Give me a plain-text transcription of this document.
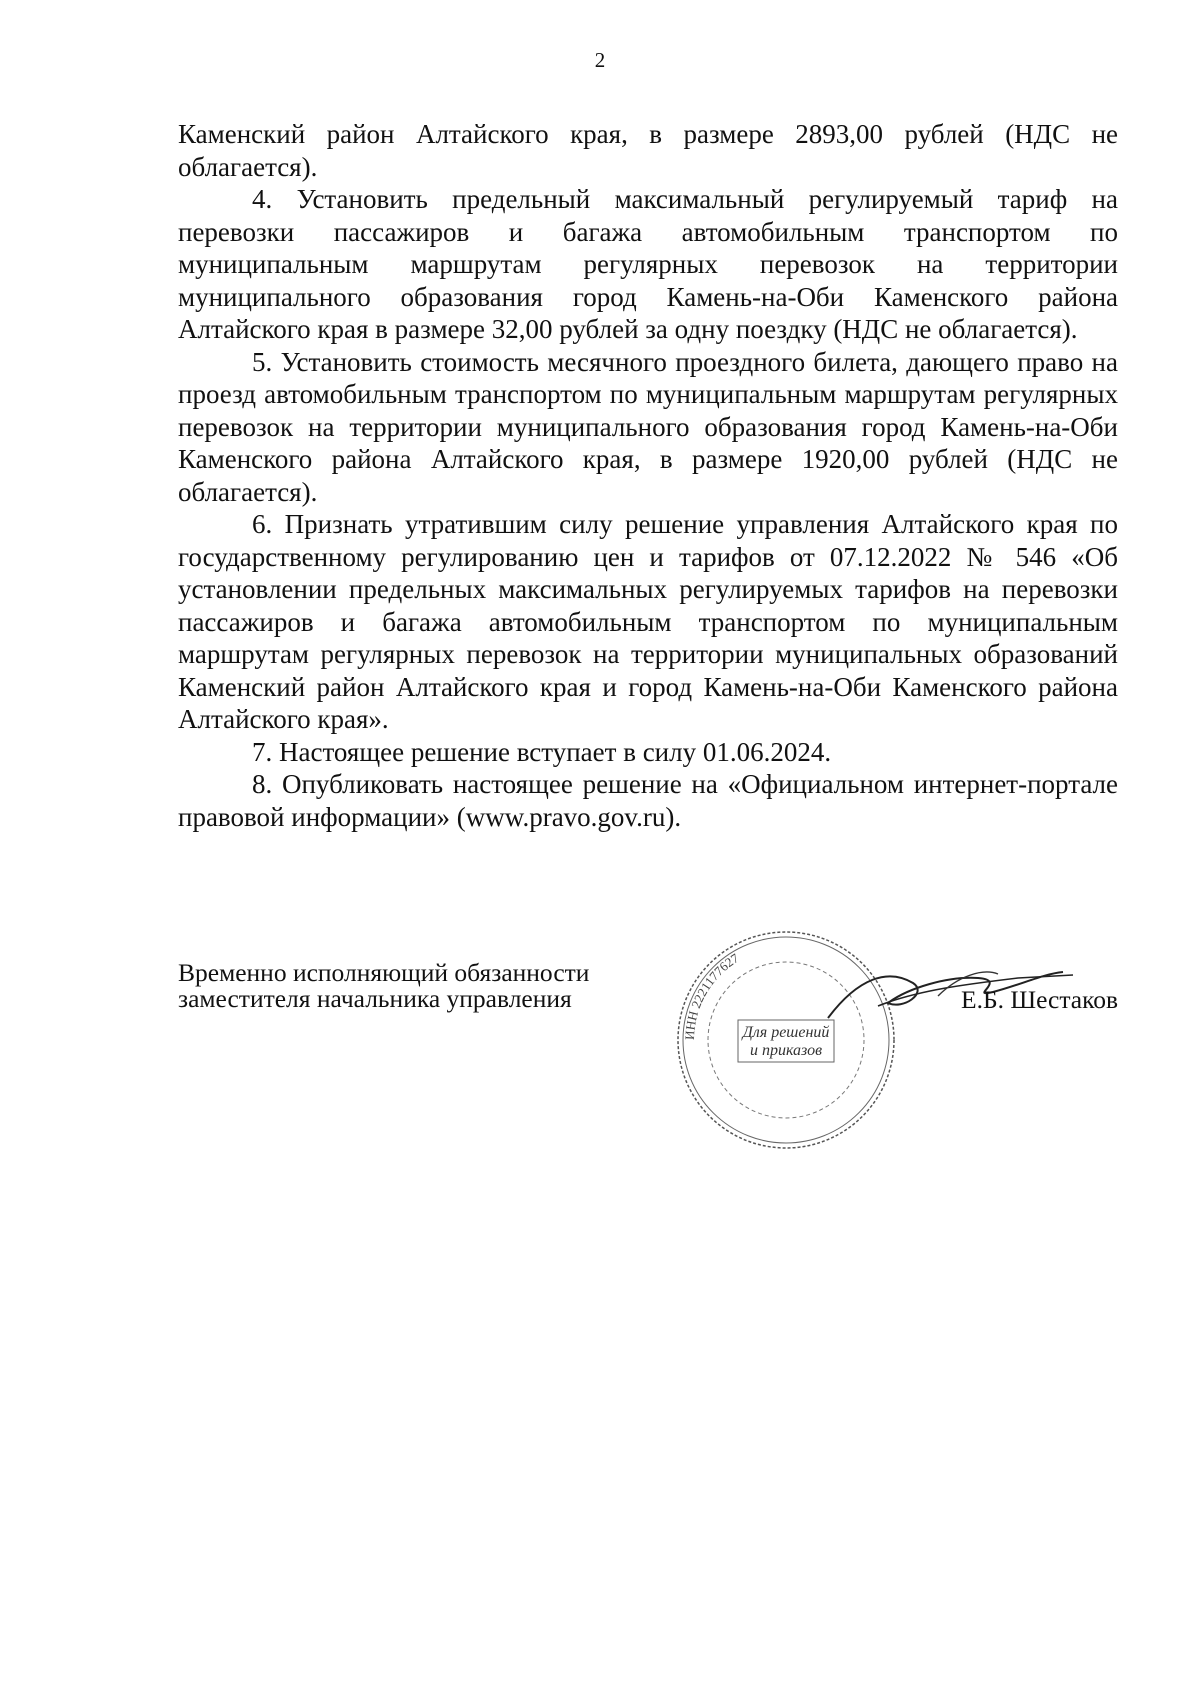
2

Каменский район Алтайского края, в размере 2893,00 рублей (НДС не облагается).

4. Установить предельный максимальный регулируемый тариф на перевозки пассажиров и багажа автомобильным транспортом по муниципальным маршрутам регулярных перевозок на территории муниципального образования город Камень-на-Оби Каменского района Алтайского края в размере 32,00 рублей за одну поездку (НДС не облагается).

5. Установить стоимость месячного проездного билета, дающего право на проезд автомобильным транспортом по муниципальным маршрутам регулярных перевозок на территории муниципального образования город Камень-на-Оби Каменского района Алтайского края, в размере 1920,00 рублей (НДС не облагается).

6. Признать утратившим силу решение управления Алтайского края по государственному регулированию цен и тарифов от 07.12.2022 № 546 «Об установлении предельных максимальных регулируемых тарифов на перевозки пассажиров и багажа автомобильным транспортом по муниципальным маршрутам регулярных перевозок на территории муниципальных образований Каменский район Алтайского края и город Камень-на-Оби Каменского района Алтайского края».

7. Настоящее решение вступает в силу 01.06.2024.

8. Опубликовать настоящее решение на «Официальном интернет-портале правовой информации» (www.pravo.gov.ru).

Временно исполняющий обязанности
заместителя начальника управления
ИНН 2221177627
Для решений
и приказов
Е.Б. Шестаков
